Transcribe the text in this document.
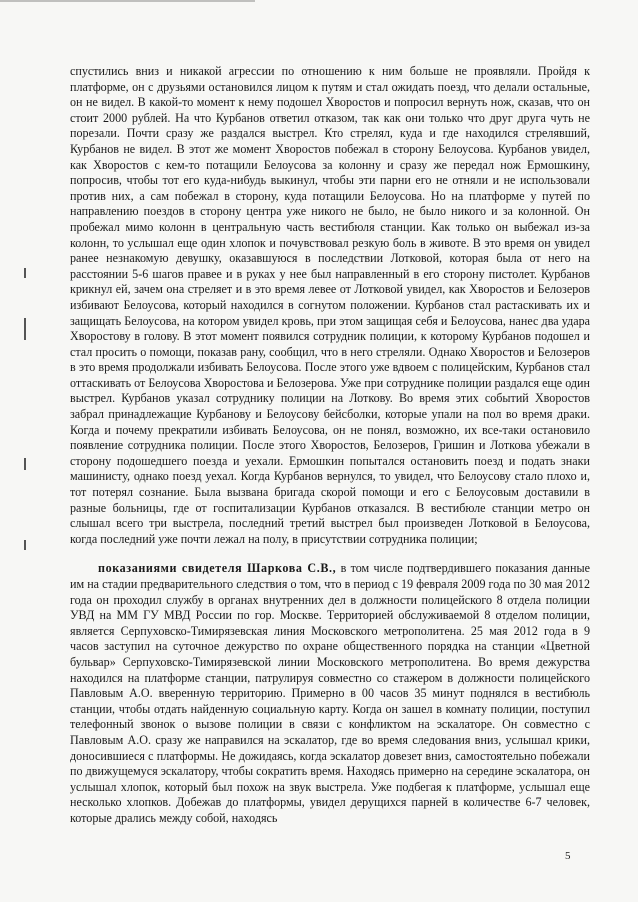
спустились вниз и никакой агрессии по отношению к ним больше не проявляли. Пройдя к платформе, он с друзьями остановился лицом к путям и стал ожидать поезд, что делали остальные, он не видел. В какой-то момент к нему подошел Хворостов и попросил вернуть нож, сказав, что он стоит 2000 рублей. На что Курбанов ответил отказом, так как они только что друг друга чуть не порезали. Почти сразу же раздался выстрел. Кто стрелял, куда и где находился стрелявший, Курбанов не видел. В этот же момент Хворостов побежал в сторону Белоусова. Курбанов увидел, как Хворостов с кем-то потащили Белоусова за колонну и сразу же передал нож Ермошкину, попросив, чтобы тот его куда-нибудь выкинул, чтобы эти парни его не отняли и не использовали против них, а сам побежал в сторону, куда потащили Белоусова. Но на платформе у путей по направлению поездов в сторону центра уже никого не было, не было никого и за колонной. Он пробежал мимо колонн в центральную часть вестибюля станции. Как только он выбежал из-за колонн, то услышал еще один хлопок и почувствовал резкую боль в животе. В это время он увидел ранее незнакомую девушку, оказавшуюся в последствии Лотковой, которая была от него на расстоянии 5-6 шагов правее и в руках у нее был направленный в его сторону пистолет. Курбанов крикнул ей, зачем она стреляет и в это время левее от Лотковой увидел, как Хворостов и Белозеров избивают Белоусова, который находился в согнутом положении. Курбанов стал растаскивать их и защищать Белоусова, на котором увидел кровь, при этом защищая себя и Белоусова, нанес два удара Хворостову в голову. В этот момент появился сотрудник полиции, к которому Курбанов подошел и стал просить о помощи, показав рану, сообщил, что в него стреляли. Однако Хворостов и Белозеров в это время продолжали избивать Белоусова. После этого уже вдвоем с полицейским, Курбанов стал оттаскивать от Белоусова Хворостова и Белозерова. Уже при сотруднике полиции раздался еще один выстрел. Курбанов указал сотруднику полиции на Лоткову. Во время этих событий Хворостов забрал принадлежащие Курбанову и Белоусову бейсболки, которые упали на пол во время драки. Когда и почему прекратили избивать Белоусова, он не понял, возможно, их все-таки остановило появление сотрудника полиции. После этого Хворостов, Белозеров, Гришин и Лоткова убежали в сторону подошедшего поезда и уехали. Ермошкин попытался остановить поезд и подать знаки машинисту, однако поезд уехал. Когда Курбанов вернулся, то увидел, что Белоусову стало плохо и, тот потерял сознание. Была вызвана бригада скорой помощи и его с Белоусовым доставили в разные больницы, где от госпитализации Курбанов отказался. В вестибюле станции метро он слышал всего три выстрела, последний третий выстрел был произведен Лотковой в Белоусова, когда последний уже почти лежал на полу, в присутствии сотрудника полиции;

показаниями свидетеля Шаркова С.В., в том числе подтвердившего показания данные им на стадии предварительного следствия о том, что в период с 19 февраля 2009 года по 30 мая 2012 года он проходил службу в органах внутренних дел в должности полицейского 8 отдела полиции УВД на ММ ГУ МВД России по гор. Москве. Территорией обслуживаемой 8 отделом полиции, является Серпуховско-Тимирязевская линия Московского метрополитена. 25 мая 2012 года в 9 часов заступил на суточное дежурство по охране общественного порядка на станции «Цветной бульвар» Серпуховско-Тимирязевской линии Московского метрополитена. Во время дежурства находился на платформе станции, патрулируя совместно со стажером в должности полицейского Павловым А.О. вверенную территорию. Примерно в 00 часов 35 минут поднялся в вестибюль станции, чтобы отдать найденную социальную карту. Когда он зашел в комнату полиции, поступил телефонный звонок о вызове полиции в связи с конфликтом на эскалаторе. Он совместно с Павловым А.О. сразу же направился на эскалатор, где во время следования вниз, услышал крики, доносившиеся с платформы. Не дожидаясь, когда эскалатор довезет вниз, самостоятельно побежали по движущемуся эскалатору, чтобы сократить время. Находясь примерно на середине эскалатора, он услышал хлопок, который был похож на звук выстрела. Уже подбегая к платформе, услышал еще несколько хлопков. Добежав до платформы, увидел дерущихся парней в количестве 6-7 человек, которые дрались между собой, находясь

5
